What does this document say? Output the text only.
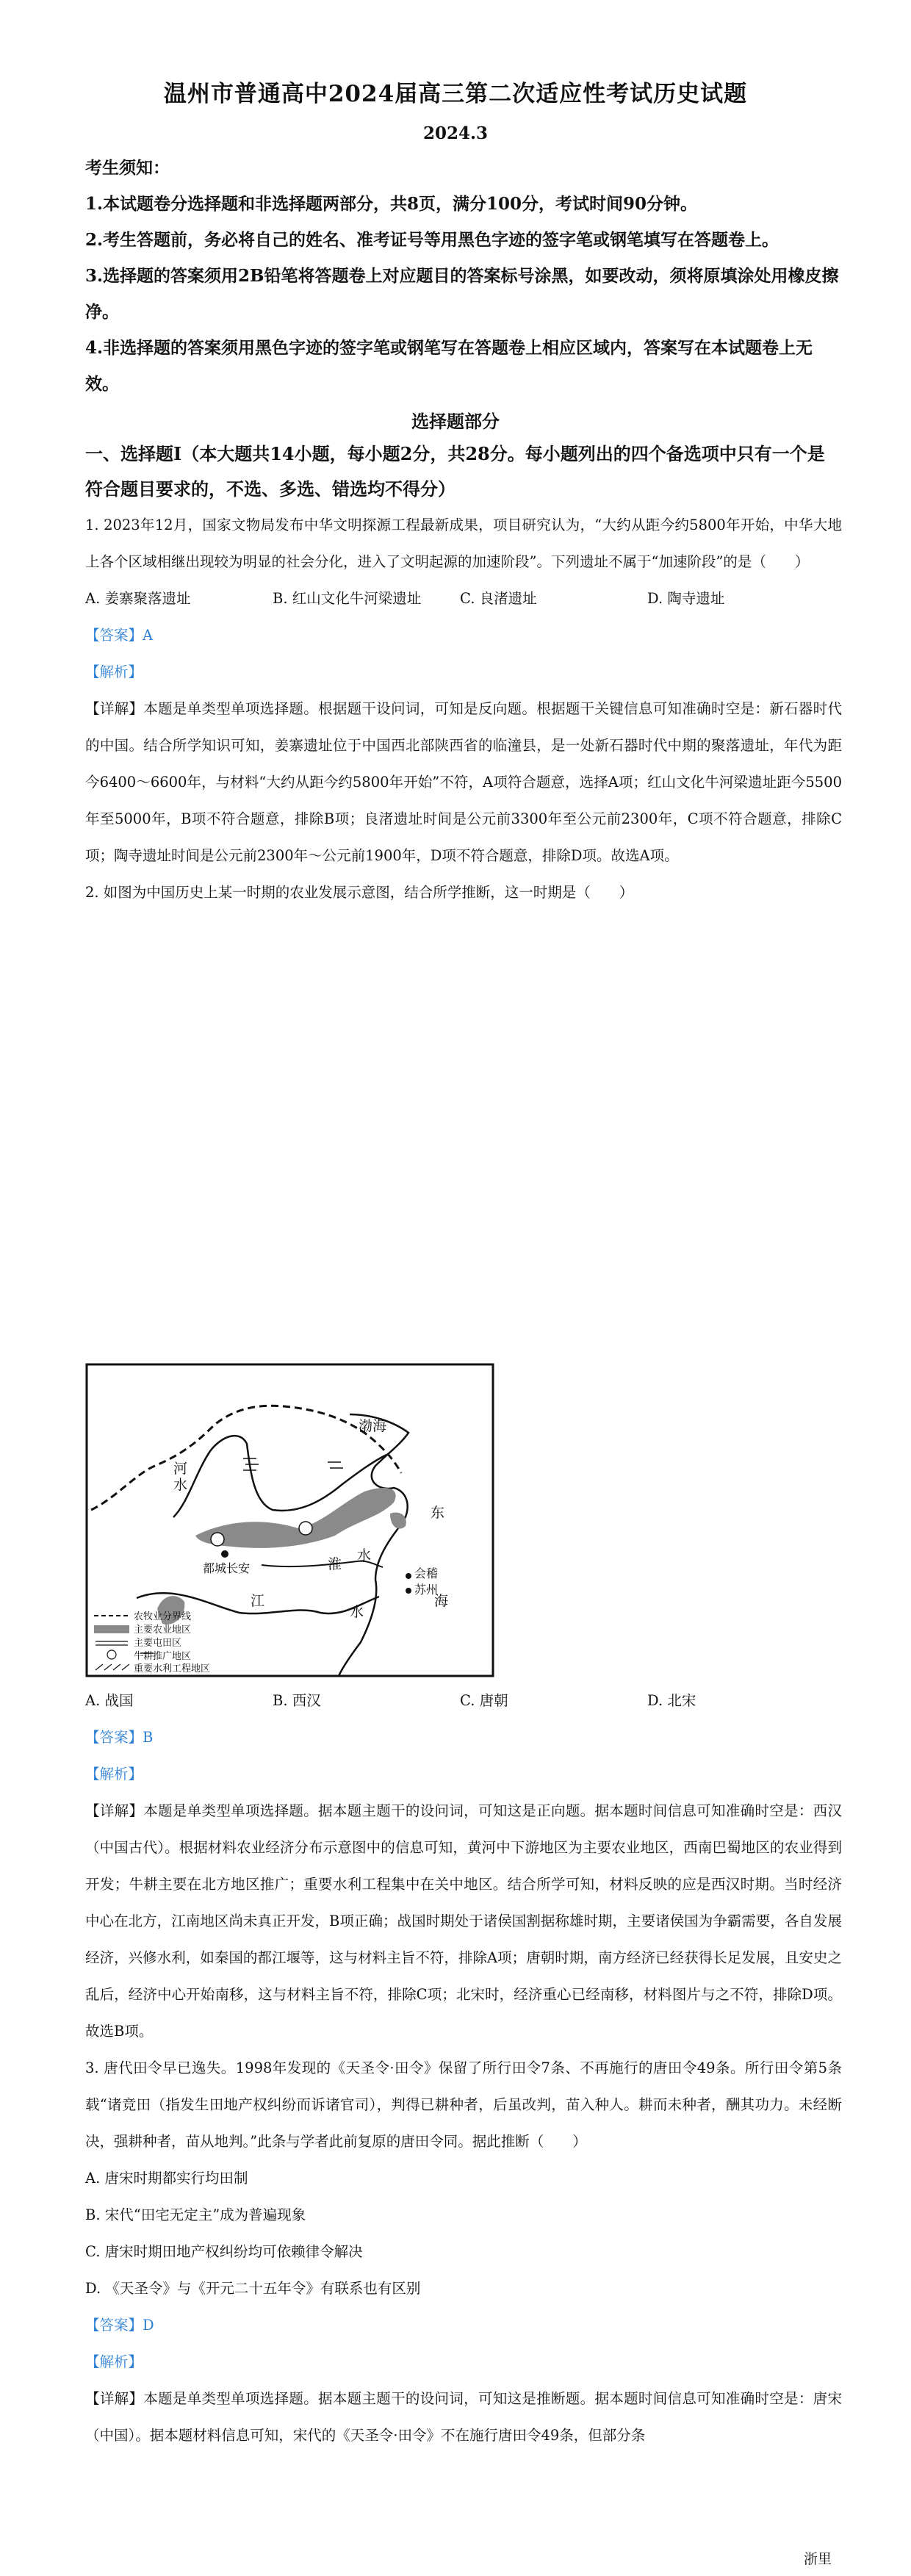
温州市普通高中2024届高三第二次适应性考试历史试题
2024.3
考生须知：
1.本试题卷分选择题和非选择题两部分，共8页，满分100分，考试时间90分钟。
2.考生答题前，务必将自己的姓名、准考证号等用黑色字迹的签字笔或钢笔填写在答题卷上。
3.选择题的答案须用2B铅笔将答题卷上对应题目的答案标号涂黑，如要改动，须将原填涂处用橡皮擦净。
4.非选择题的答案须用黑色字迹的签字笔或钢笔写在答题卷上相应区域内，答案写在本试题卷上无效。
选择题部分
一、选择题Ⅰ（本大题共14小题，每小题2分，共28分。每小题列出的四个备选项中只有一个是符合题目要求的，不选、多选、错选均不得分）
1. 2023年12月，国家文物局发布中华文明探源工程最新成果，项目研究认为，“大约从距今约5800年开始，中华大地上各个区域相继出现较为明显的社会分化，进入了文明起源的加速阶段”。下列遗址不属于“加速阶段”的是（　　）
A. 姜寨聚落遗址	B. 红山文化牛河梁遗址	C. 良渚遗址	D. 陶寺遗址
【答案】A
【解析】
【详解】本题是单类型单项选择题。根据题干设问词，可知是反向题。根据题干关键信息可知准确时空是：新石器时代的中国。结合所学知识可知，姜寨遗址位于中国西北部陕西省的临潼县，是一处新石器时代中期的聚落遗址，年代为距今6400～6600年，与材料“大约从距今约5800年开始”不符，A项符合题意，选择A项；红山文化牛河梁遗址距今5500年至5000年，B项不符合题意，排除B项；良渚遗址时间是公元前3300年至公元前2300年，C项不符合题意，排除C项；陶寺遗址时间是公元前2300年～公元前1900年，D项不符合题意，排除D项。故选A项。
2. 如图为中国历史上某一时期的农业发展示意图，结合所学推断，这一时期是（　　）
渤海
河
水
东
海
都城长安	淮
水
会稽
苏州
江
水
农牧业分界线
主要农业地区
主要屯田区
牛耕推广地区
重要水利工程地区
A. 战国	B. 西汉	C. 唐朝	D. 北宋
【答案】B
【解析】
【详解】本题是单类型单项选择题。据本题主题干的设问词，可知这是正向题。据本题时间信息可知准确时空是：西汉（中国古代）。根据材料农业经济分布示意图中的信息可知，黄河中下游地区为主要农业地区，西南巴蜀地区的农业得到开发；牛耕主要在北方地区推广；重要水利工程集中在关中地区。结合所学可知，材料反映的应是西汉时期。当时经济中心在北方，江南地区尚未真正开发，B项正确；战国时期处于诸侯国割据称雄时期，主要诸侯国为争霸需要，各自发展经济，兴修水利，如秦国的都江堰等，这与材料主旨不符，排除A项；唐朝时期，南方经济已经获得长足发展，且安史之乱后，经济中心开始南移，这与材料主旨不符，排除C项；北宋时，经济重心已经南移，材料图片与之不符，排除D项。故选B项。
3. 唐代田令早已逸失。1998年发现的《天圣令·田令》保留了所行田令7条、不再施行的唐田令49条。所行田令第5条载“诸竞田（指发生田地产权纠纷而诉诸官司），判得已耕种者，后虽改判，苗入种人。耕而未种者，酬其功力。未经断决，强耕种者，苗从地判。”此条与学者此前复原的唐田令同。据此推断（　　）
A. 唐宋时期都实行均田制
B. 宋代“田宅无定主”成为普遍现象
C. 唐宋时期田地产权纠纷均可依赖律令解决
D. 《天圣令》与《开元二十五年令》有联系也有区别
【答案】D
【解析】
【详解】本题是单类型单项选择题。据本题主题干的设问词，可知这是推断题。据本题时间信息可知准确时空是：唐宋（中国）。据本题材料信息可知，宋代的《天圣令·田令》不在施行唐田令49条，但部分条
浙里
